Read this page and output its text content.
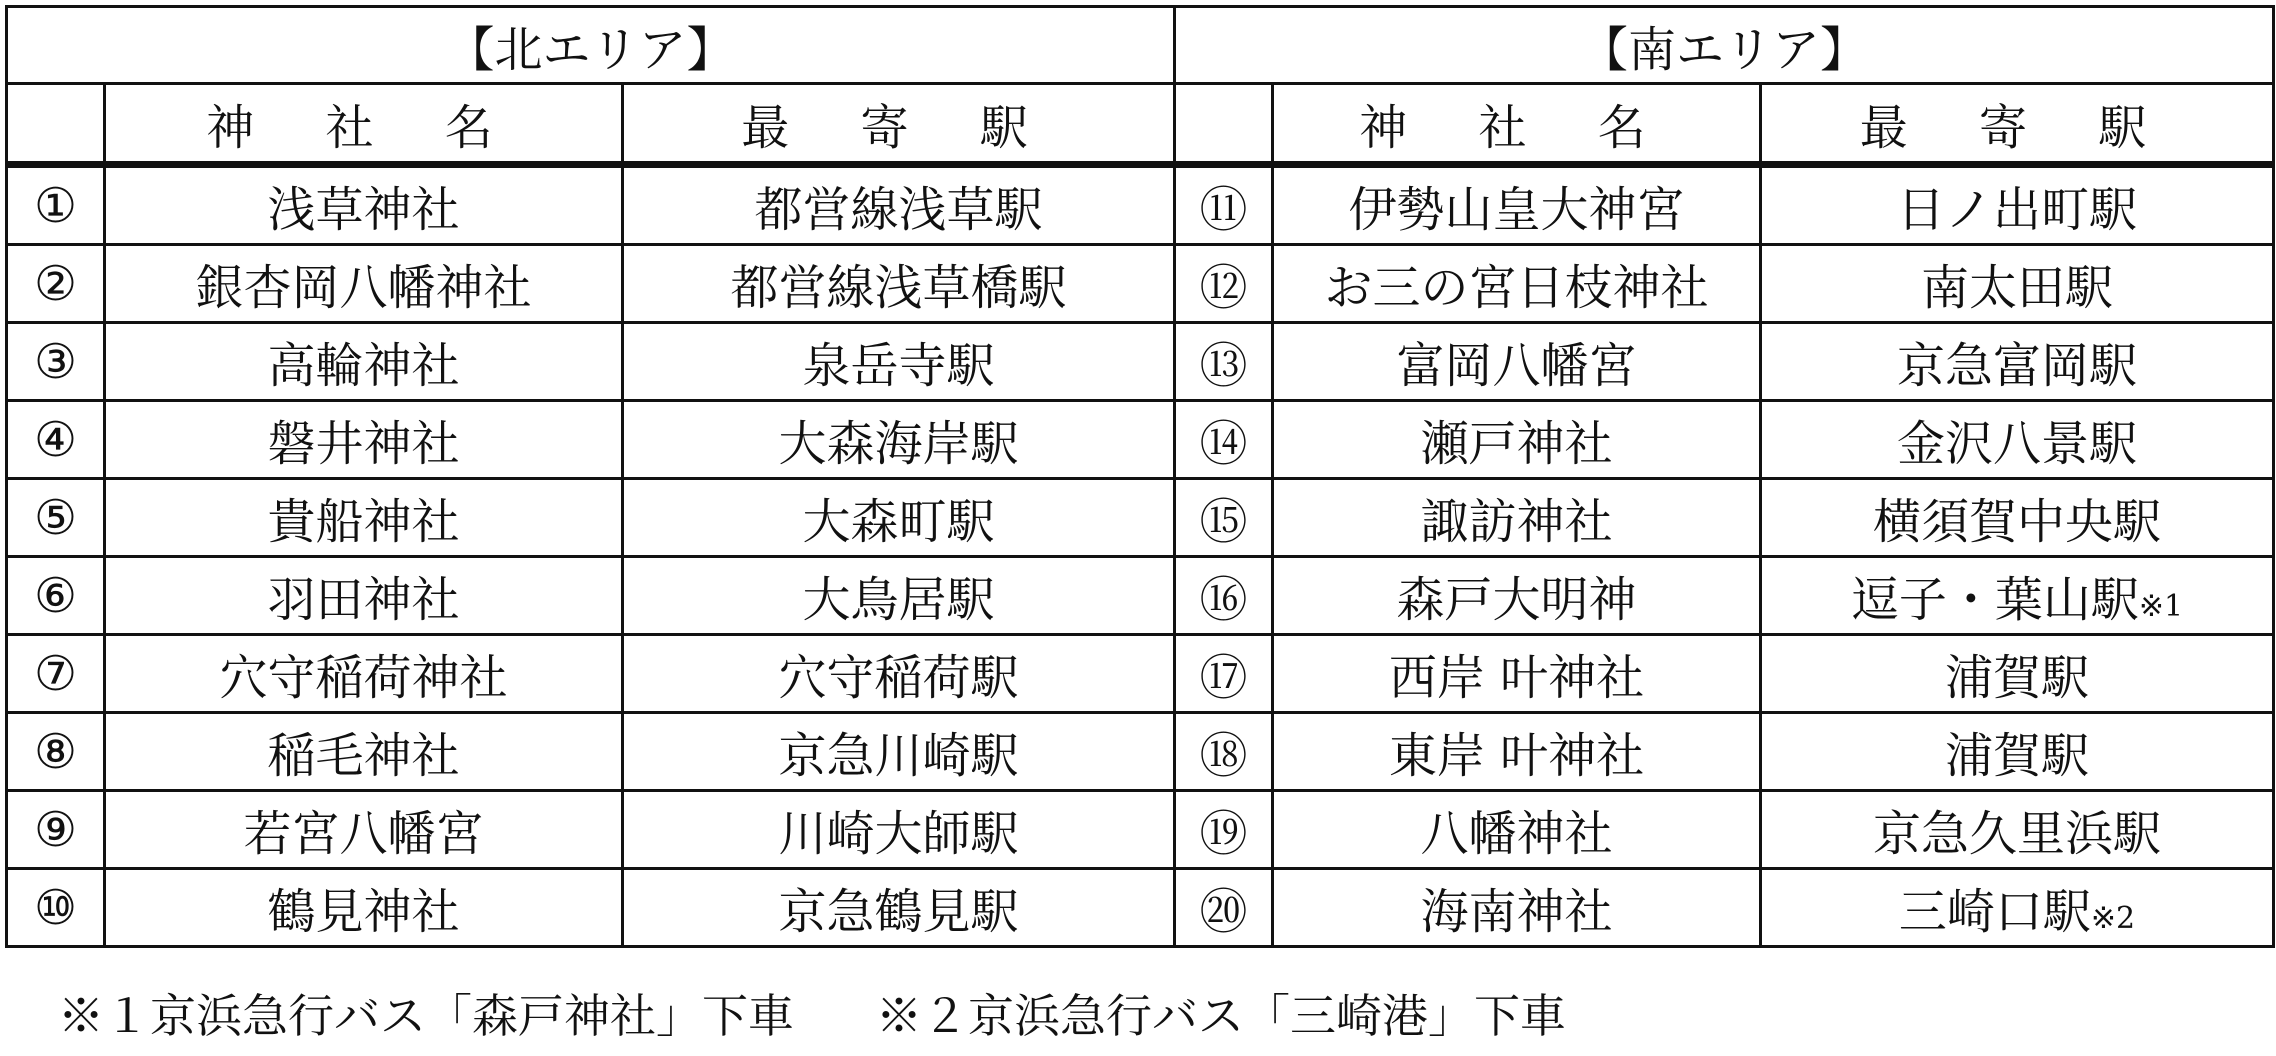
【北エリア】			【南エリア】		
	神 社 名	最 寄 駅		神 社 名	最 寄 駅
①	浅草神社	都営線浅草駅	⑪	伊勢山皇大神宮	日ノ出町駅
②	銀杏岡八幡神社	都営線浅草橋駅	⑫	お三の宮日枝神社	南太田駅
③	高輪神社	泉岳寺駅	⑬	富岡八幡宮	京急富岡駅
④	磐井神社	大森海岸駅	⑭	瀬戸神社	金沢八景駅
⑤	貴船神社	大森町駅	⑮	諏訪神社	横須賀中央駅
⑥	羽田神社	大鳥居駅	⑯	森戸大明神	逗子・葉山駅※1
⑦	穴守稲荷神社	穴守稲荷駅	⑰	西岸 叶神社	浦賀駅
⑧	稲毛神社	京急川崎駅	⑱	東岸 叶神社	浦賀駅
⑨	若宮八幡宮	川崎大師駅	⑲	八幡神社	京急久里浜駅
⑩	鶴見神社	京急鶴見駅	⑳	海南神社	三崎口駅※2
※１京浜急行バス「森戸神社」下車 ※２京浜急行バス「三崎港」下車
